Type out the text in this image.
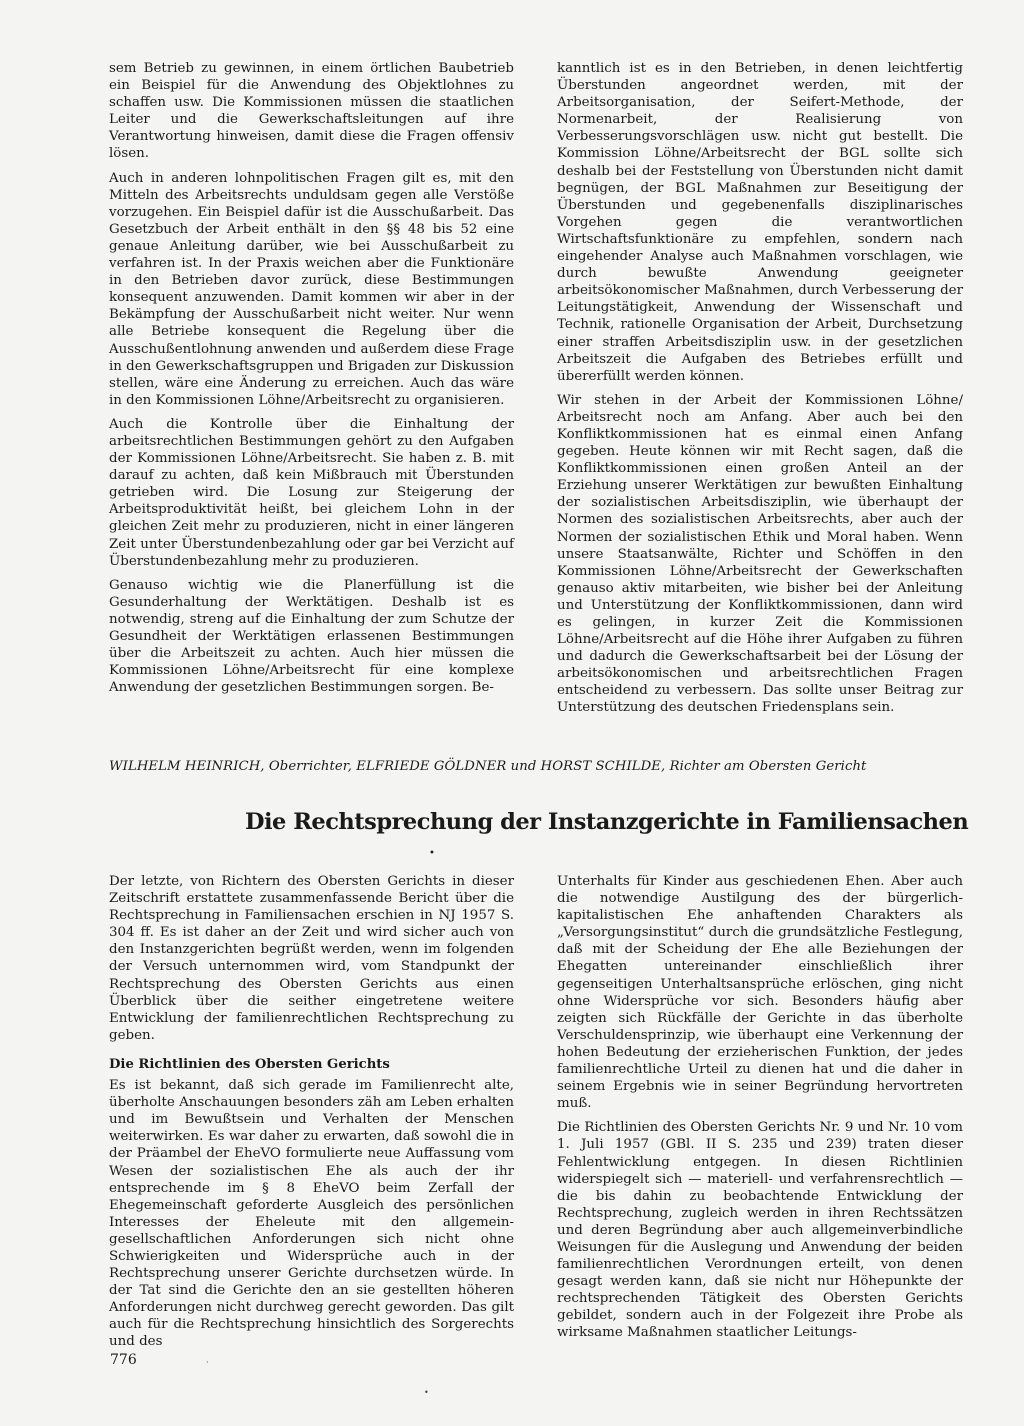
sem Betrieb zu gewinnen, in einem örtlichen Baubetrieb ein Beispiel für die Anwendung des Objektlohnes zu schaffen usw. Die Kommissionen müssen die staatlichen Leiter und die Gewerkschaftsleitungen auf ihre Verantwortung hinweisen, damit diese die Fragen offensiv lösen.

Auch in anderen lohnpolitischen Fragen gilt es, mit den Mitteln des Arbeitsrechts unduldsam gegen alle Verstöße vorzugehen. Ein Beispiel dafür ist die Ausschußarbeit. Das Gesetzbuch der Arbeit enthält in den §§ 48 bis 52 eine genaue Anleitung darüber, wie bei Ausschußarbeit zu verfahren ist. In der Praxis weichen aber die Funktionäre in den Betrieben davor zurück, diese Bestimmungen konsequent anzuwenden. Damit kommen wir aber in der Bekämpfung der Ausschußarbeit nicht weiter. Nur wenn alle Betriebe konsequent die Regelung über die Ausschußentlohnung anwenden und außerdem diese Frage in den Gewerkschaftsgruppen und Brigaden zur Diskussion stellen, wäre eine Änderung zu erreichen. Auch das wäre in den Kommissionen Löhne/Arbeitsrecht zu organisieren.

Auch die Kontrolle über die Einhaltung der arbeitsrechtlichen Bestimmungen gehört zu den Aufgaben der Kommissionen Löhne/Arbeitsrecht. Sie haben z. B. mit darauf zu achten, daß kein Mißbrauch mit Überstunden getrieben wird. Die Losung zur Steigerung der Arbeitsproduktivität heißt, bei gleichem Lohn in der gleichen Zeit mehr zu produzieren, nicht in einer längeren Zeit unter Überstundenbezahlung oder gar bei Verzicht auf Überstundenbezahlung mehr zu produzieren.

Genauso wichtig wie die Planerfüllung ist die Gesunderhaltung der Werktätigen. Deshalb ist es notwendig, streng auf die Einhaltung der zum Schutze der Gesundheit der Werktätigen erlassenen Bestimmungen über die Arbeitszeit zu achten. Auch hier müssen die Kommissionen Löhne/Arbeitsrecht für eine komplexe Anwendung der gesetzlichen Bestimmungen sorgen. Be-

kanntlich ist es in den Betrieben, in denen leichtfertig Überstunden angeordnet werden, mit der Arbeitsorganisation, der Seifert-Methode, der Normenarbeit, der Realisierung von Verbesserungsvorschlägen usw. nicht gut bestellt. Die Kommission Löhne/Arbeitsrecht der BGL sollte sich deshalb bei der Feststellung von Überstunden nicht damit begnügen, der BGL Maßnahmen zur Beseitigung der Überstunden und gegebenenfalls disziplinarisches Vorgehen gegen die verantwortlichen Wirtschaftsfunktionäre zu empfehlen, sondern nach eingehender Analyse auch Maßnahmen vorschlagen, wie durch bewußte Anwendung geeigneter arbeitsökonomischer Maßnahmen, durch Verbesserung der Leitungstätigkeit, Anwendung der Wissenschaft und Technik, rationelle Organisation der Arbeit, Durchsetzung einer straffen Arbeitsdisziplin usw. in der gesetzlichen Arbeitszeit die Aufgaben des Betriebes erfüllt und übererfüllt werden können.

Wir stehen in der Arbeit der Kommissionen Löhne/ Arbeitsrecht noch am Anfang. Aber auch bei den Konfliktkommissionen hat es einmal einen Anfang gegeben. Heute können wir mit Recht sagen, daß die Konfliktkommissionen einen großen Anteil an der Erziehung unserer Werktätigen zur bewußten Einhaltung der sozialistischen Arbeitsdisziplin, wie überhaupt der Normen des sozialistischen Arbeitsrechts, aber auch der Normen der sozialistischen Ethik und Moral haben. Wenn unsere Staatsanwälte, Richter und Schöffen in den Kommissionen Löhne/Arbeitsrecht der Gewerkschaften genauso aktiv mitarbeiten, wie bisher bei der Anleitung und Unterstützung der Konfliktkommissionen, dann wird es gelingen, in kurzer Zeit die Kommissionen Löhne/Arbeitsrecht auf die Höhe ihrer Aufgaben zu führen und dadurch die Gewerkschaftsarbeit bei der Lösung der arbeitsökonomischen und arbeitsrechtlichen Fragen entscheidend zu verbessern. Das sollte unser Beitrag zur Unterstützung des deutschen Friedensplans sein.

WILHELM HEINRICH, Oberrichter, ELFRIEDE GÖLDNER und HORST SCHILDE, Richter am Obersten Gericht
Die Rechtsprechung der Instanzgerichte in Familiensachen
•

Der letzte, von Richtern des Obersten Gerichts in dieser Zeitschrift erstattete zusammenfassende Bericht über die Rechtsprechung in Familiensachen erschien in NJ 1957 S. 304 ff. Es ist daher an der Zeit und wird sicher auch von den Instanzgerichten begrüßt werden, wenn im folgenden der Versuch unternommen wird, vom Standpunkt der Rechtsprechung des Obersten Gerichts aus einen Überblick über die seither eingetretene weitere Entwicklung der familienrechtlichen Rechtsprechung zu geben.

Die Richtlinien des Obersten Gerichts

Es ist bekannt, daß sich gerade im Familienrecht alte, überholte Anschauungen besonders zäh am Leben erhalten und im Bewußtsein und Verhalten der Menschen weiterwirken. Es war daher zu erwarten, daß sowohl die in der Präambel der EheVO formulierte neue Auffassung vom Wesen der sozialistischen Ehe als auch der ihr entsprechende im § 8 EheVO beim Zerfall der Ehegemeinschaft geforderte Ausgleich des persönlichen Interesses der Eheleute mit den allgemein-gesellschaftlichen Anforderungen sich nicht ohne Schwierigkeiten und Widersprüche auch in der Rechtsprechung unserer Gerichte durchsetzen würde. In der Tat sind die Gerichte den an sie gestellten höheren Anforderungen nicht durchweg gerecht geworden. Das gilt auch für die Rechtsprechung hinsichtlich des Sorgerechts und des

Unterhalts für Kinder aus geschiedenen Ehen. Aber auch die notwendige Austilgung des der bürgerlich-kapitalistischen Ehe anhaftenden Charakters als „Versorgungsinstitut“ durch die grundsätzliche Festlegung, daß mit der Scheidung der Ehe alle Beziehungen der Ehegatten untereinander einschließlich ihrer gegenseitigen Unterhaltsansprüche erlöschen, ging nicht ohne Widersprüche vor sich. Besonders häufig aber zeigten sich Rückfälle der Gerichte in das überholte Verschuldensprinzip, wie überhaupt eine Verkennung der hohen Bedeutung der erzieherischen Funktion, der jedes familienrechtliche Urteil zu dienen hat und die daher in seinem Ergebnis wie in seiner Begründung hervortreten muß.

Die Richtlinien des Obersten Gerichts Nr. 9 und Nr. 10 vom 1. Juli 1957 (GBl. II S. 235 und 239) traten dieser Fehlentwicklung entgegen. In diesen Richtlinien widerspiegelt sich — materiell- und verfahrensrechtlich — die bis dahin zu beobachtende Entwicklung der Rechtsprechung, zugleich werden in ihren Rechtssätzen und deren Begründung aber auch allgemeinverbindliche Weisungen für die Auslegung und Anwendung der beiden familienrechtlichen Verordnungen erteilt, von denen gesagt werden kann, daß sie nicht nur Höhepunkte der rechtsprechenden Tätigkeit des Obersten Gerichts gebildet, sondern auch in der Folgezeit ihre Probe als wirksame Maßnahmen staatlicher Leitungs-

776	·
•
